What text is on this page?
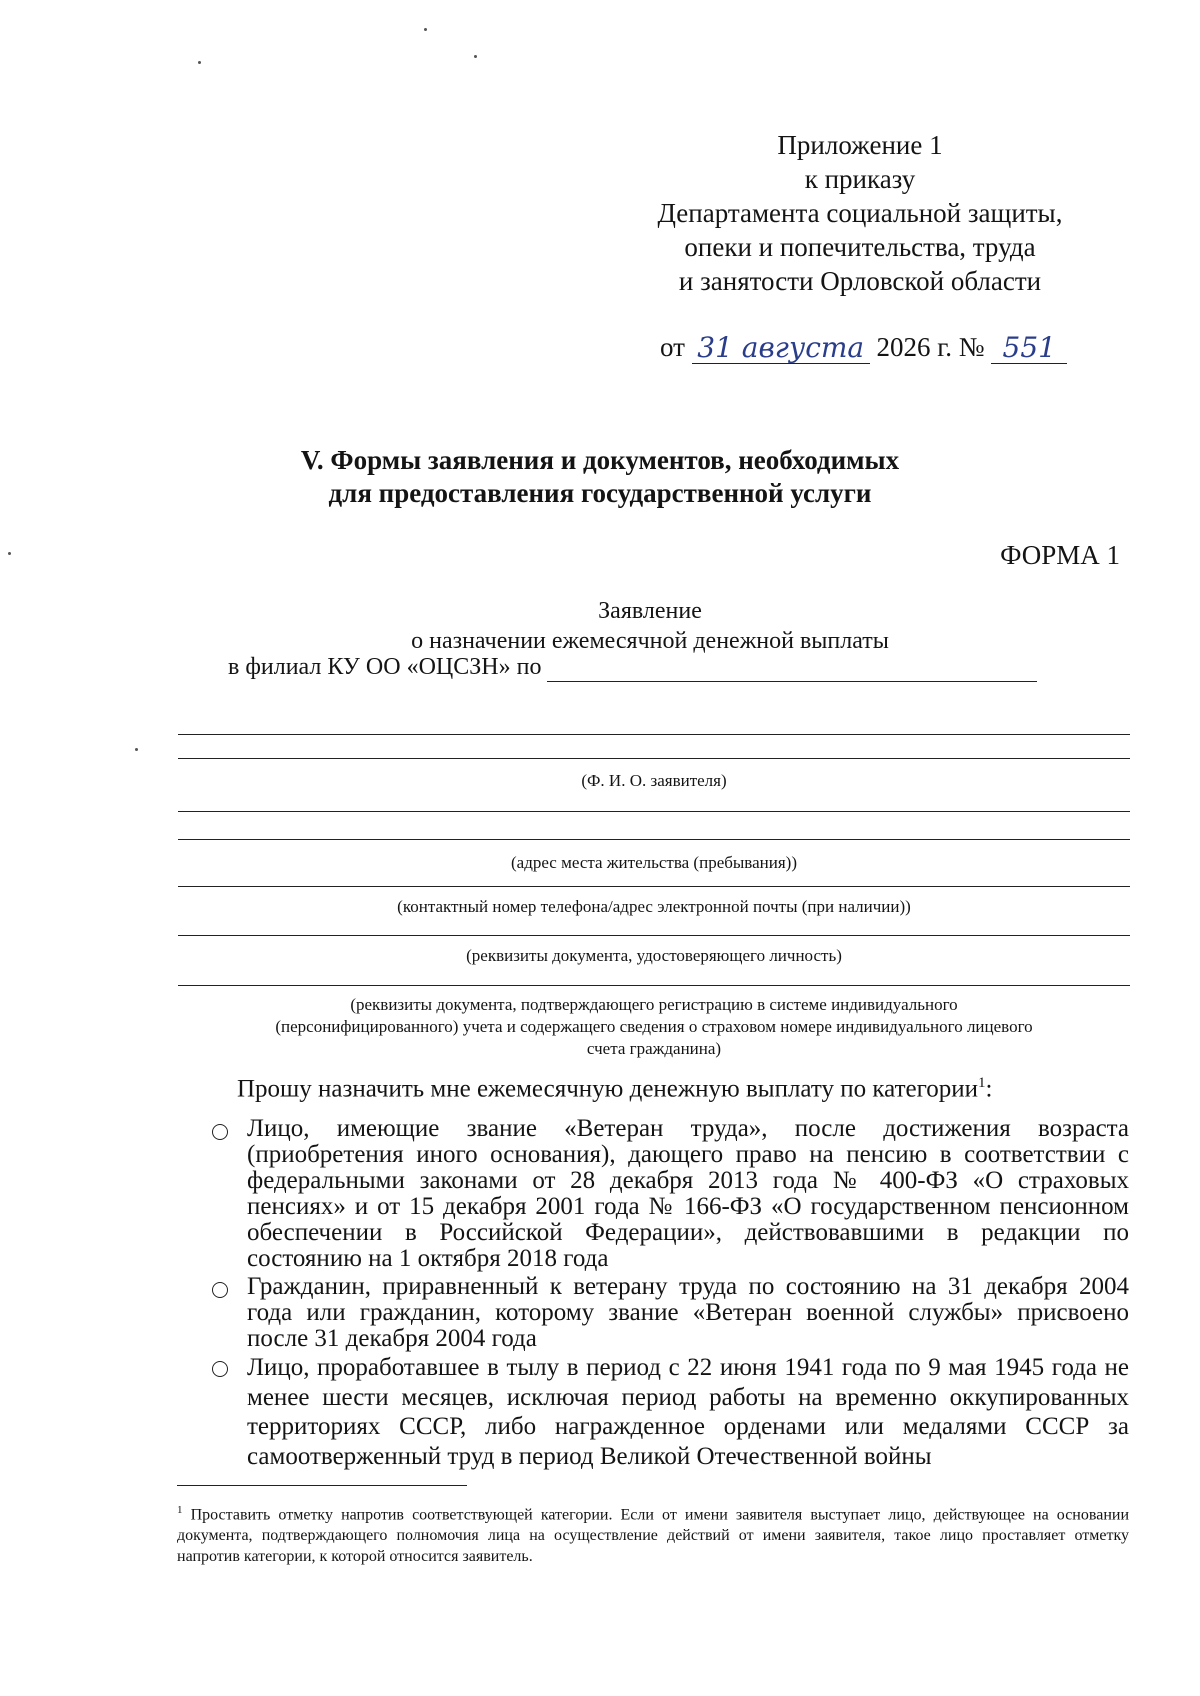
Приложение 1
к приказу
Департамента социальной защиты,
опеки и попечительства, труда
и занятости Орловской области
от 31 августа 2026 г. № 551
V. Формы заявления и документов, необходимых
для предоставления государственной услуги
ФОРМА 1
Заявление
о назначении ежемесячной денежной выплаты
в филиал КУ ОО «ОЦСЗН» по
(Ф. И. О. заявителя)
(адрес места жительства (пребывания))
(контактный номер телефона/адрес электронной почты (при наличии))
(реквизиты документа, удостоверяющего личность)
(реквизиты документа, подтверждающего регистрацию в системе индивидуального
(персонифицированного) учета и содержащего сведения о страховом номере индивидуального лицевого
счета гражданина)
Прошу назначить мне ежемесячную денежную выплату по категории$^1$:
Лицо, имеющие звание «Ветеран труда», после достижения возраста (приобретения иного основания), дающего право на пенсию в соответствии с федеральными законами от 28 декабря 2013 года № 400-ФЗ «О страховых пенсиях» и от 15 декабря 2001 года № 166-ФЗ «О государственном пенсионном обеспечении в Российской Федерации», действовавшими в редакции по состоянию на 1 октября 2018 года
Гражданин, приравненный к ветерану труда по состоянию на 31 декабря 2004 года или гражданин, которому звание «Ветеран военной службы» присвоено после 31 декабря 2004 года
Лицо, проработавшее в тылу в период с 22 июня 1941 года по 9 мая 1945 года не менее шести месяцев, исключая период работы на временно оккупированных территориях СССР, либо награжденное орденами или медалями СССР за самоотверженный труд в период Великой Отечественной войны
$^1$ Проставить отметку напротив соответствующей категории. Если от имени заявителя выступает лицо, действующее на основании документа, подтверждающего полномочия лица на осуществление действий от имени заявителя, такое лицо проставляет отметку напротив категории, к которой относится заявитель.
